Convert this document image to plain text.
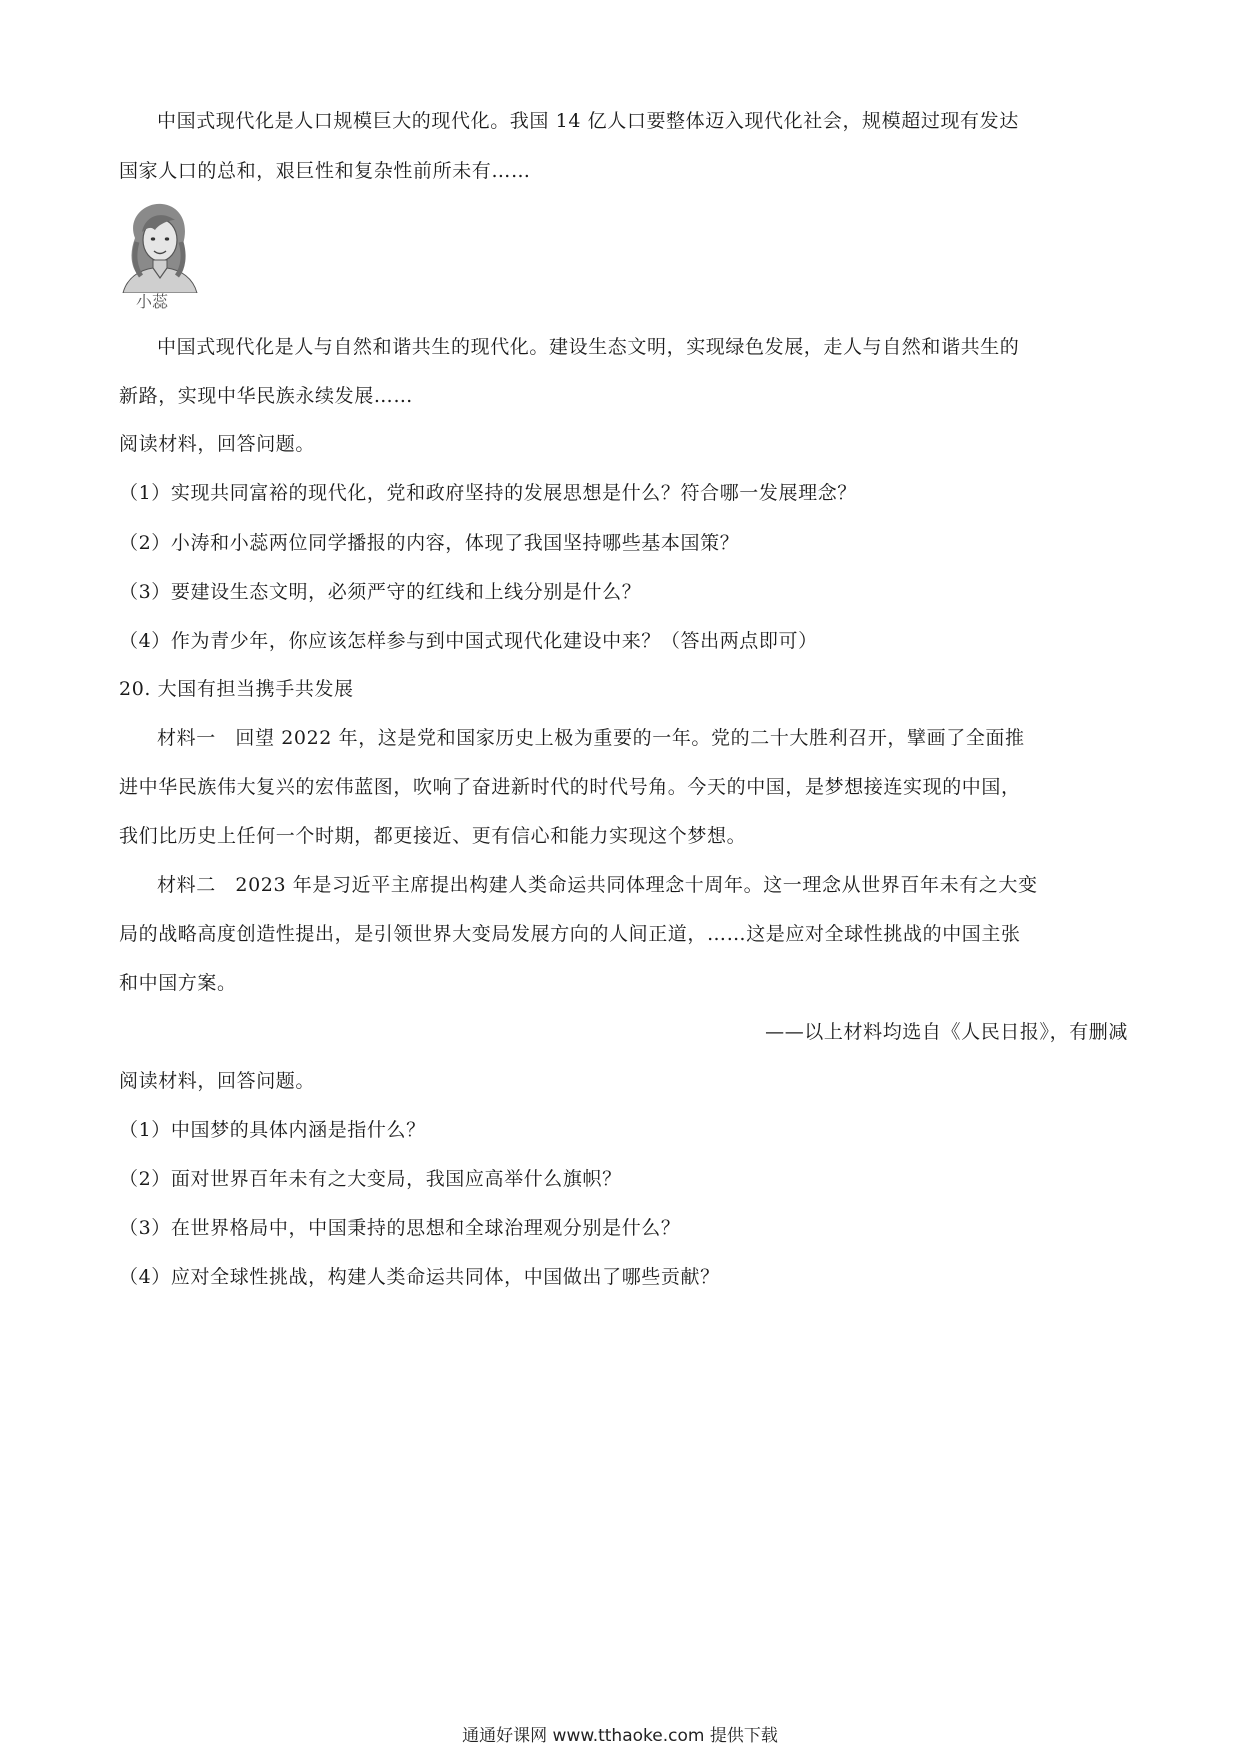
中国式现代化是人口规模巨大的现代化。我国 14 亿人口要整体迈入现代化社会，规模超过现有发达
国家人口的总和，艰巨性和复杂性前所未有……
小蕊
中国式现代化是人与自然和谐共生的现代化。建设生态文明，实现绿色发展，走人与自然和谐共生的
新路，实现中华民族永续发展……
阅读材料，回答问题。
（1）实现共同富裕的现代化，党和政府坚持的发展思想是什么？符合哪一发展理念？
（2）小涛和小蕊两位同学播报的内容，体现了我国坚持哪些基本国策？
（3）要建设生态文明，必须严守的红线和上线分别是什么？
（4）作为青少年，你应该怎样参与到中国式现代化建设中来？（答出两点即可）
20. 大国有担当携手共发展
材料一　回望 2022 年，这是党和国家历史上极为重要的一年。党的二十大胜利召开，擘画了全面推
进中华民族伟大复兴的宏伟蓝图，吹响了奋进新时代的时代号角。今天的中国，是梦想接连实现的中国，
我们比历史上任何一个时期，都更接近、更有信心和能力实现这个梦想。
材料二　2023 年是习近平主席提出构建人类命运共同体理念十周年。这一理念从世界百年未有之大变
局的战略高度创造性提出，是引领世界大变局发展方向的人间正道，……这是应对全球性挑战的中国主张
和中国方案。
——以上材料均选自《人民日报》，有删减
阅读材料，回答问题。
（1）中国梦的具体内涵是指什么？
（2）面对世界百年未有之大变局，我国应高举什么旗帜？
（3）在世界格局中，中国秉持的思想和全球治理观分别是什么？
（4）应对全球性挑战，构建人类命运共同体，中国做出了哪些贡献？
通通好课网 www.tthaoke.com 提供下载
